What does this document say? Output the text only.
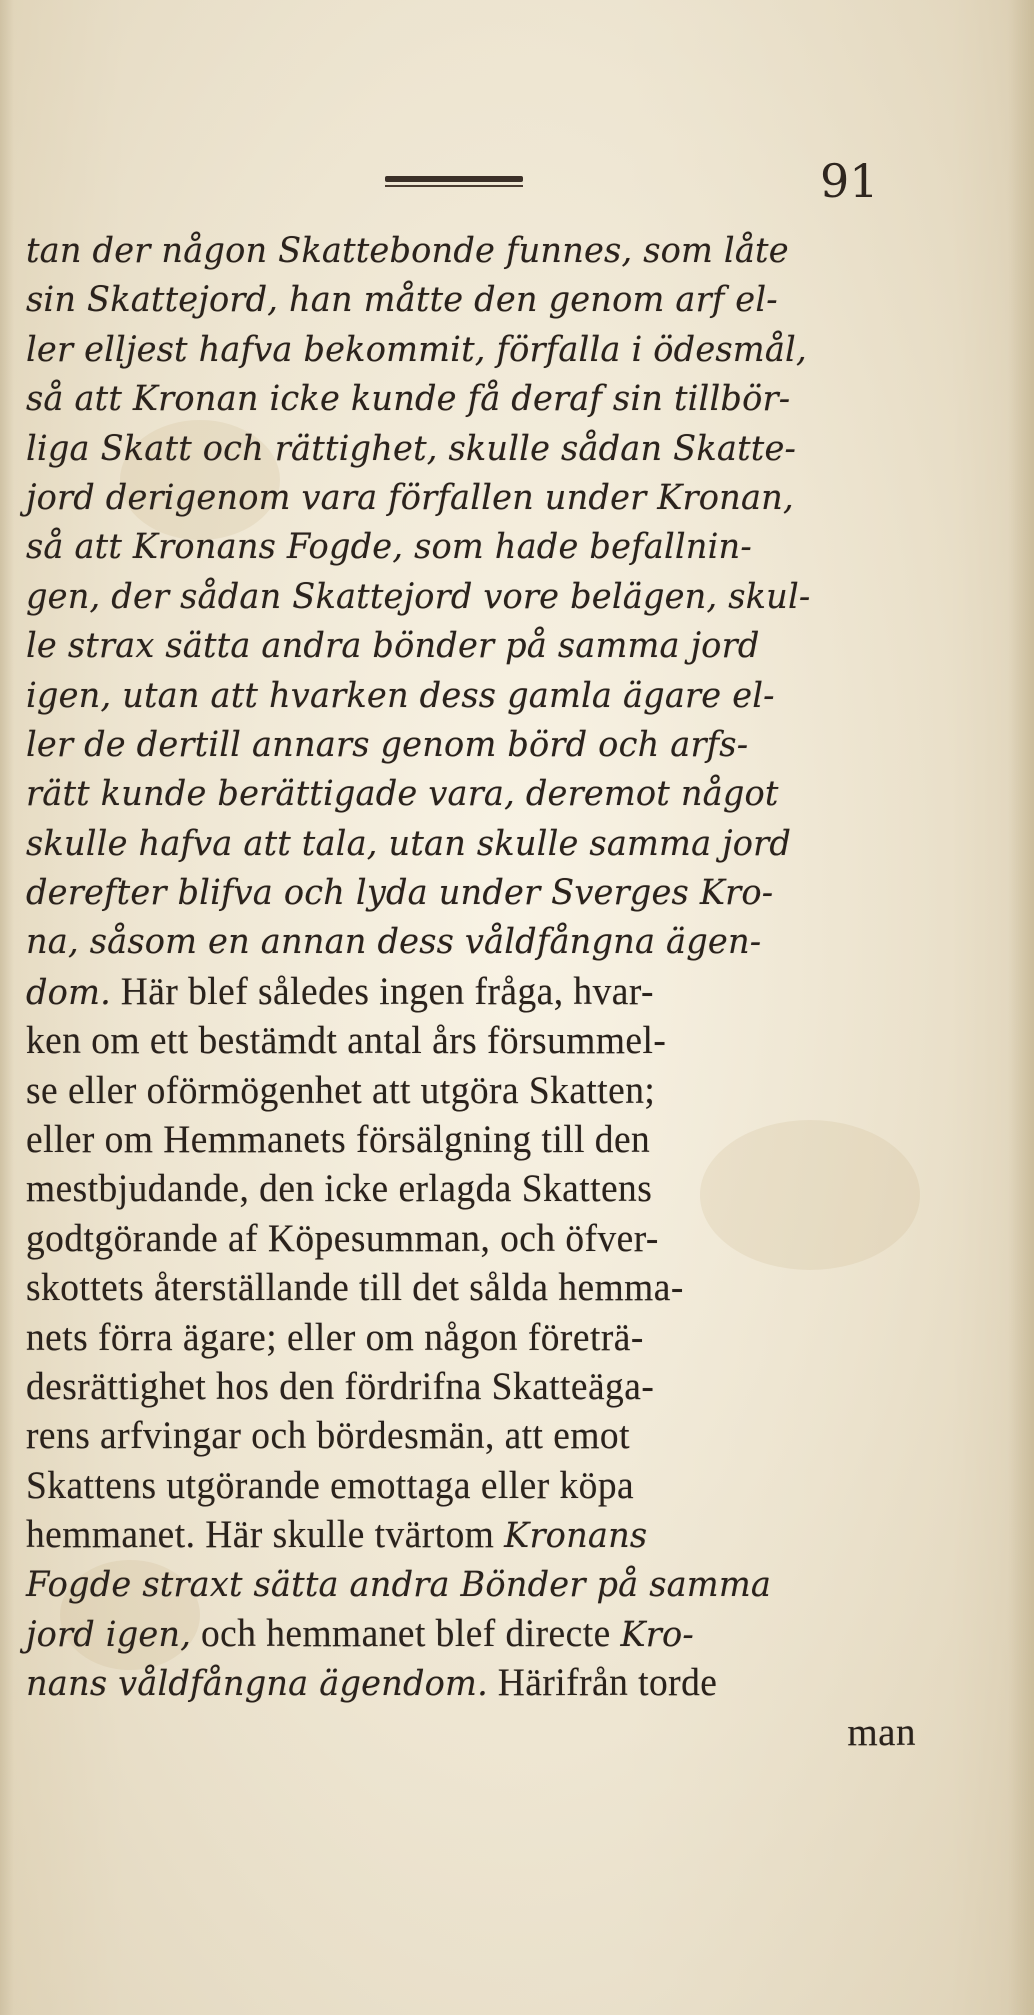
91
tan der någon Skattebonde funnes, som låte
sin Skattejord, han måtte den genom arf el-
ler elljest hafva bekommit, förfalla i ödesmål,
så att Kronan icke kunde få deraf sin tillbör-
liga Skatt och rättighet, skulle sådan Skatte-
jord derigenom vara förfallen under Kronan,
så att Kronans Fogde, som hade befallnin-
gen, der sådan Skattejord vore belägen, skul-
le strax sätta andra bönder på samma jord
igen, utan att hvarken dess gamla ägare el-
ler de dertill annars genom börd och arfs-
rätt kunde berättigade vara, deremot något
skulle hafva att tala, utan skulle samma jord
derefter blifva och lyda under Sverges Kro-
na, såsom en annan dess våldfångna ägen-
dom. Här blef således ingen fråga, hvar-
ken om ett bestämdt antal års försummel-
se eller oförmögenhet att utgöra Skatten;
eller om Hemmanets försälgning till den
mestbjudande, den icke erlagda Skattens
godtgörande af Köpesumman, och öfver-
skottets återställande till det sålda hemma-
nets förra ägare; eller om någon företrä-
desrättighet hos den fördrifna Skatteäga-
rens arfvingar och bördesmän, att emot
Skattens utgörande emottaga eller köpa
hemmanet. Här skulle tvärtom Kronans
Fogde straxt sätta andra Bönder på samma
jord igen, och hemmanet blef directe Kro-
nans våldfångna ägendom. Härifrån torde
man
